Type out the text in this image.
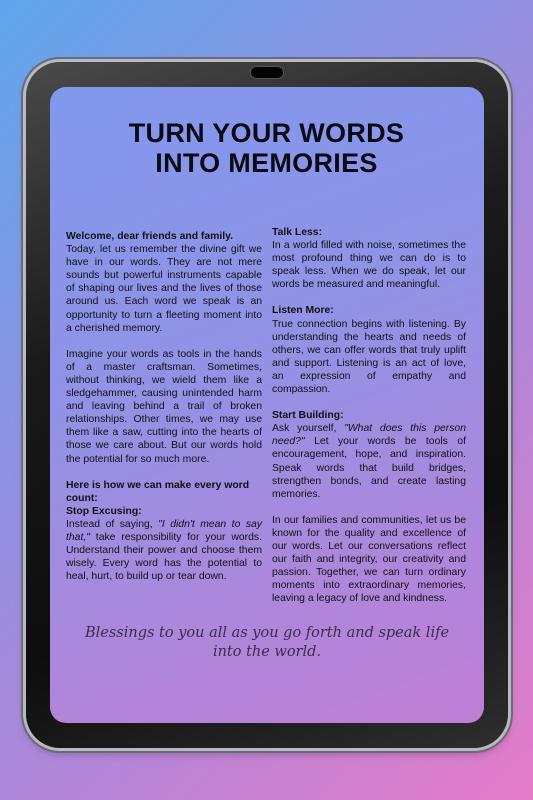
TURN YOUR WORDS
INTO MEMORIES
Welcome, dear friends and family.

Today, let us remember the divine gift we have in our words. They are not mere sounds but powerful instruments capable of shaping our lives and the lives of those around us. Each word we speak is an opportunity to turn a fleeting moment into a cherished memory.

Imagine your words as tools in the hands of a master craftsman. Sometimes, without thinking, we wield them like a sledgehammer, causing unintended harm and leaving behind a trail of broken relationships. Other times, we may use them like a saw, cutting into the hearts of those we care about. But our words hold the potential for so much more.

Here is how we can make every word count:
Stop Excusing:

Instead of saying, "I didn't mean to say that," take responsibility for your words. Understand their power and choose them wisely. Every word has the potential to heal, hurt, to build up or tear down.

Talk Less:

In a world filled with noise, sometimes the most profound thing we can do is to speak less. When we do speak, let our words be measured and meaningful.

Listen More:

True connection begins with listening. By understanding the hearts and needs of others, we can offer words that truly uplift and support. Listening is an act of love, an expression of empathy and compassion.

Start Building:

Ask yourself, "What does this person need?" Let your words be tools of encouragement, hope, and inspiration. Speak words that build bridges, strengthen bonds, and create lasting memories.

In our families and communities, let us be known for the quality and excellence of our words. Let our conversations reflect our faith and integrity, our creativity and passion. Together, we can turn ordinary moments into extraordinary memories, leaving a legacy of love and kindness.

Blessings to you all as you go forth and speak life into the world.
